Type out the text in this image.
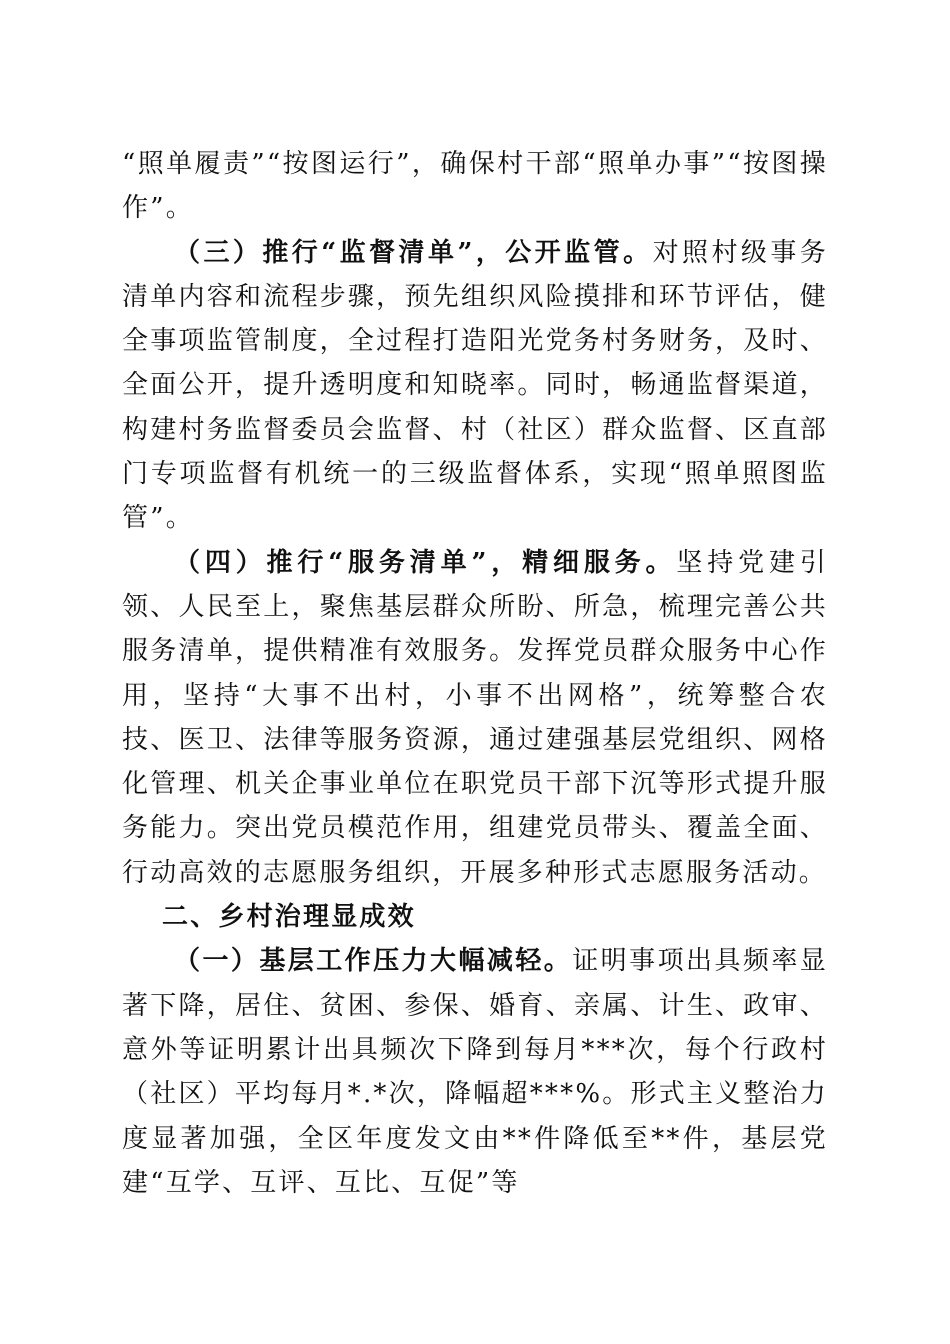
“照单履责”“按图运行”，确保村干部“照单办事”“按图操作”。

（三）推行“监督清单”，公开监管。对照村级事务清单内容和流程步骤，预先组织风险摸排和环节评估，健全事项监管制度，全过程打造阳光党务村务财务，及时、全面公开，提升透明度和知晓率。同时，畅通监督渠道，构建村务监督委员会监督、村（社区）群众监督、区直部门专项监督有机统一的三级监督体系，实现“照单照图监管”。

（四）推行“服务清单”，精细服务。坚持党建引领、人民至上，聚焦基层群众所盼、所急，梳理完善公共服务清单，提供精准有效服务。发挥党员群众服务中心作用，坚持“大事不出村，小事不出网格”，统筹整合农技、医卫、法律等服务资源，通过建强基层党组织、网格化管理、机关企事业单位在职党员干部下沉等形式提升服务能力。突出党员模范作用，组建党员带头、覆盖全面、行动高效的志愿服务组织，开展多种形式志愿服务活动。

二、乡村治理显成效

（一）基层工作压力大幅减轻。证明事项出具频率显著下降，居住、贫困、参保、婚育、亲属、计生、政审、意外等证明累计出具频次下降到每月***次，每个行政村（社区）平均每月*.*次，降幅超***%。形式主义整治力度显著加强，全区年度发文由**件降低至**件，基层党建“互学、互评、互比、互促”等
